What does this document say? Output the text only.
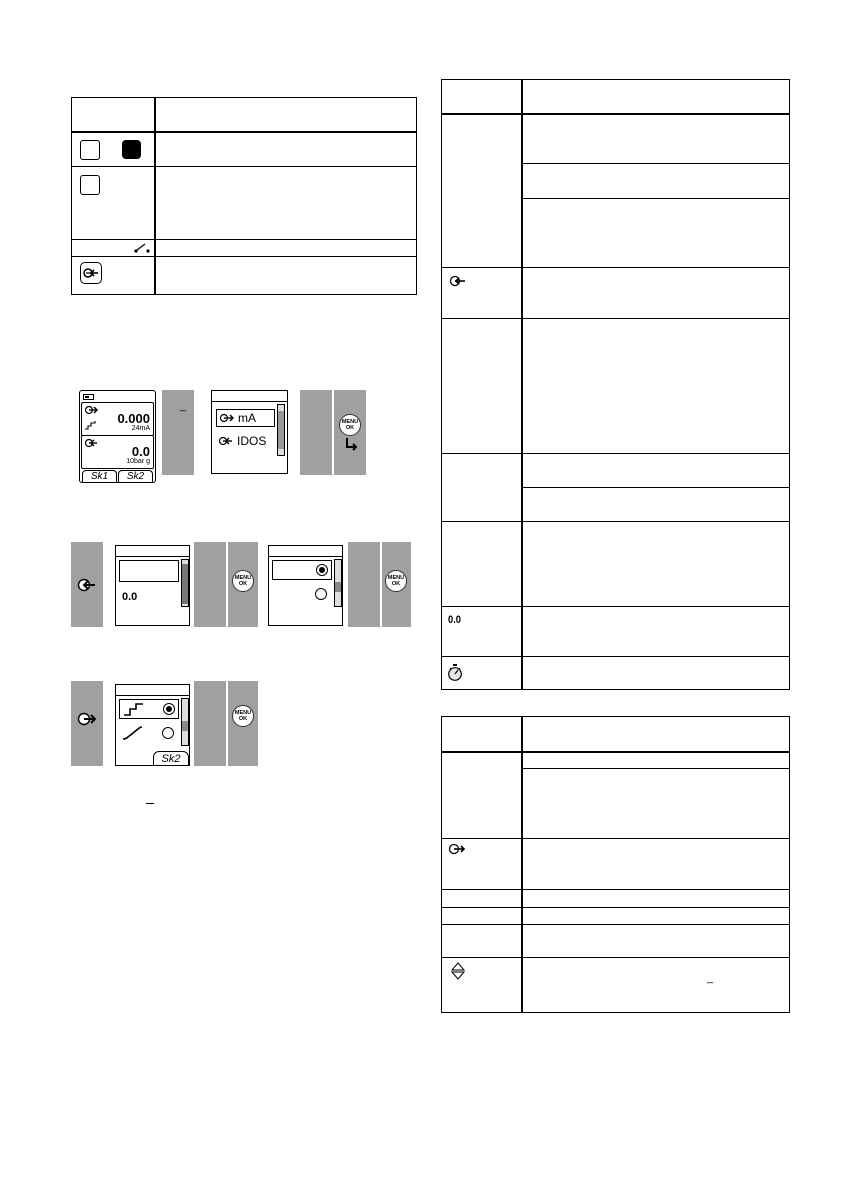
0.000
24mA
0.0
10bar g
Sk1	Sk2
_
mA
IDOS
MENU
OK
0.0
MENU
OK
MENU
OK
Sk2
MENU
OK
0.0
_
